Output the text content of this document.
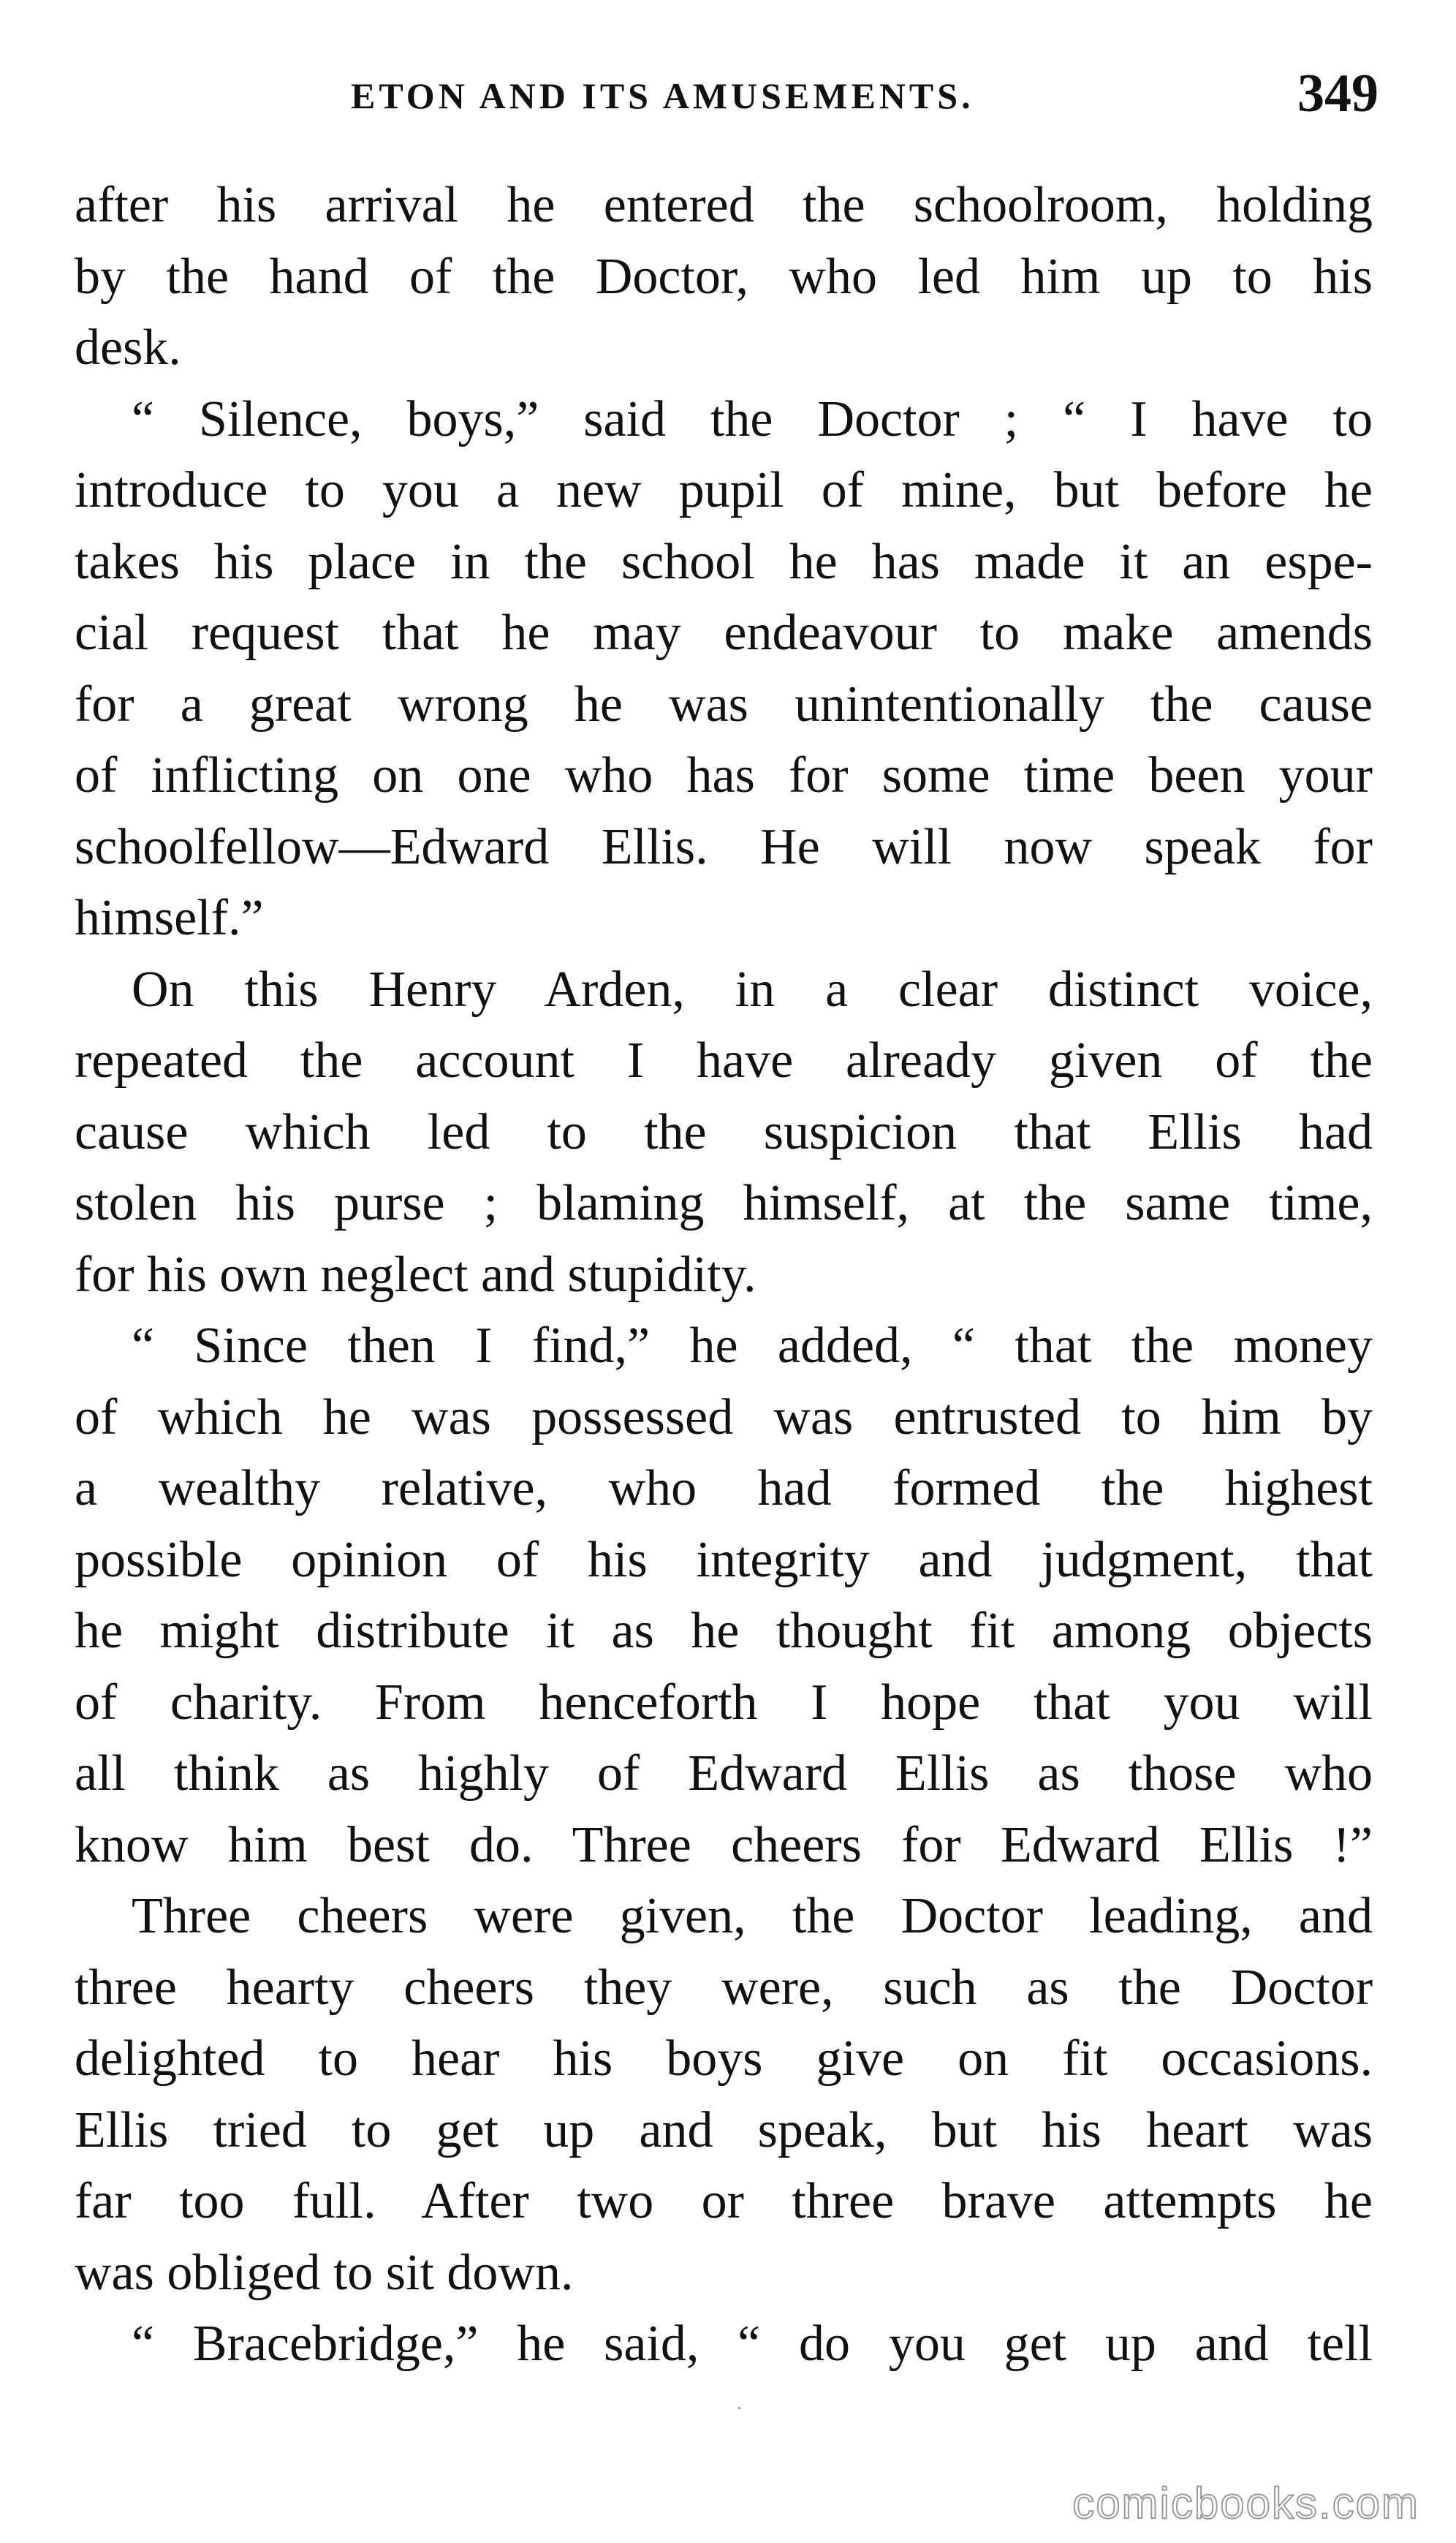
ETON AND ITS AMUSEMENTS.	349
after his arrival he entered the schoolroom, holding
by the hand of the Doctor, who led him up to his
desk.
“ Silence, boys,” said the Doctor ; “ I have to
introduce to you a new pupil of mine, but before he
takes his place in the school he has made it an espe-
cial request that he may endeavour to make amends
for a great wrong he was unintentionally the cause
of inflicting on one who has for some time been your
schoolfellow—Edward Ellis. He will now speak for
himself.”
On this Henry Arden, in a clear distinct voice,
repeated the account I have already given of the
cause which led to the suspicion that Ellis had
stolen his purse ; blaming himself, at the same time,
for his own neglect and stupidity.
“ Since then I find,” he added, “ that the money
of which he was possessed was entrusted to him by
a wealthy relative, who had formed the highest
possible opinion of his integrity and judgment, that
he might distribute it as he thought fit among objects
of charity. From henceforth I hope that you will
all think as highly of Edward Ellis as those who
know him best do. Three cheers for Edward Ellis !”
Three cheers were given, the Doctor leading, and
three hearty cheers they were, such as the Doctor
delighted to hear his boys give on fit occasions.
Ellis tried to get up and speak, but his heart was
far too full. After two or three brave attempts he
was obliged to sit down.
“ Bracebridge,” he said, “ do you get up and tell
comicbooks.com
